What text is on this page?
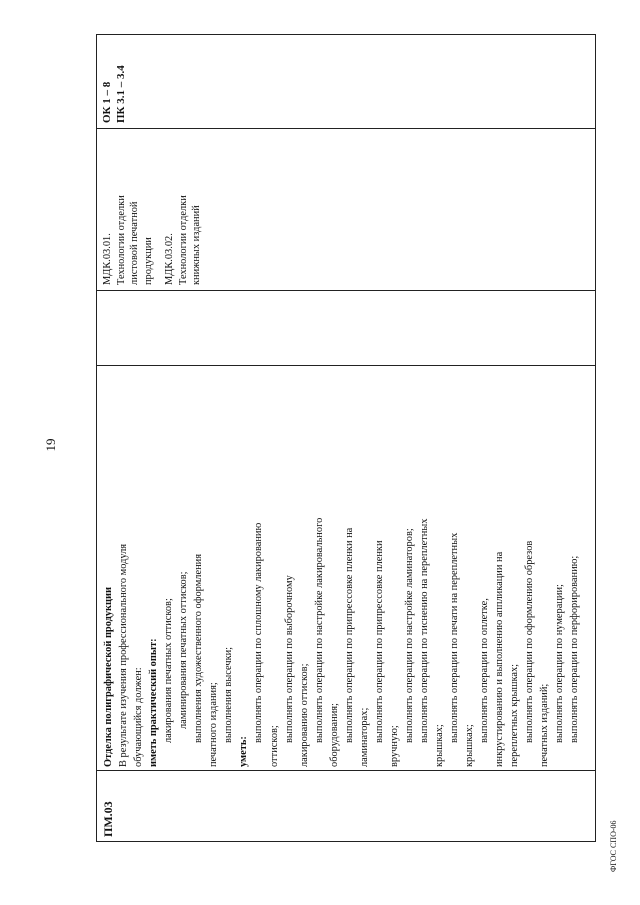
19
ПМ.03
Отделка полиграфической продукции В результате изучения профессионального модуля обучающийся должен: иметь практический опыт: лакирования печатных оттисков; ламинирования печатных оттисков; выполнения художественного оформления печатного издания; выполнения высечки;
уметь:
выполнять операции по сплошному лакированию
оттисков;
выполнять операции по выборочному лакированию оттисков; выполнять операции по настройке лакировального оборудования; выполнять операции по припрессовке пленки на ламинаторах; выполнять операции по припрессовке пленки
вручную;
выполнять операции по настройке ламинаторов; выполнять операции по тиснению на переплетных
крышках;
выполнять операции по печати на переплетных
крышках;
выполнять операции по оплетке, инкрустированию и выполнению аппликации на переплетных крышках; выполнять операции по оформлению обрезов печатных изданий; выполнять операции по нумерации; выполнять операции по перфорированию;
МДК.03.01. Технологии отделки листовой печатной продукции МДК.03.02. Технологии отделки книжных изданий
ОК 1 – 8 ПК 3.1 – 3.4
ФГОС СПО-06
